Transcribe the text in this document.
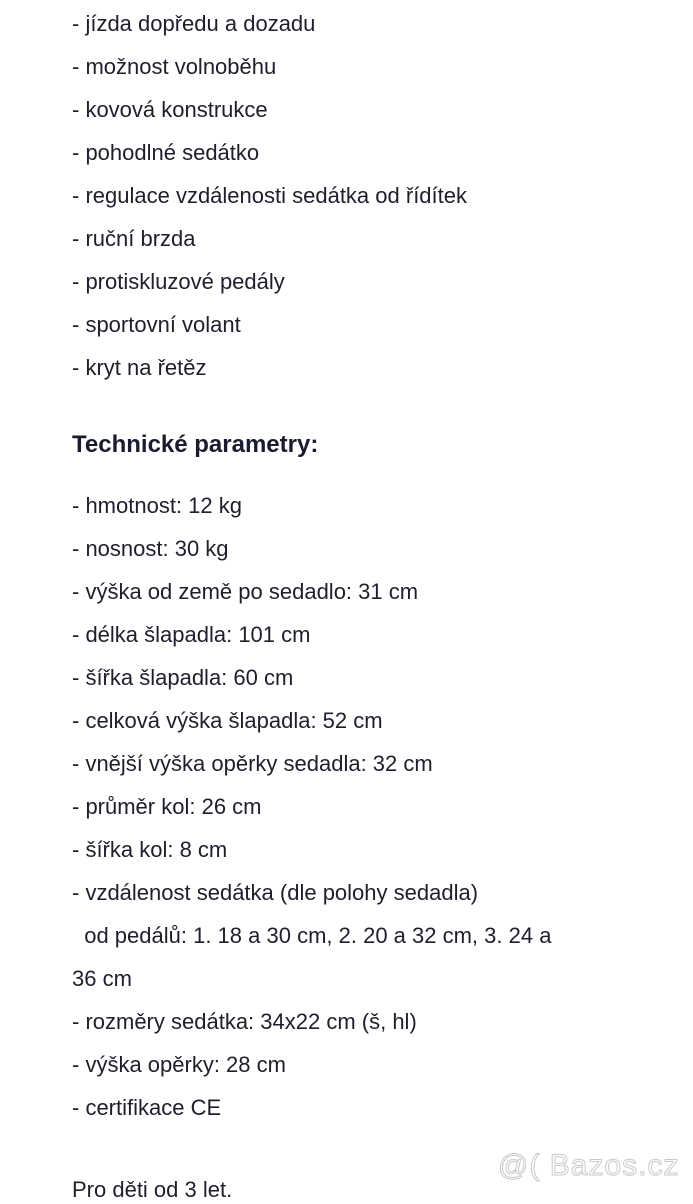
- jízda dopředu a dozadu
- možnost volnoběhu
- kovová konstrukce
- pohodlné sedátko
- regulace vzdálenosti sedátka od řídítek
- ruční brzda
- protiskluzové pedály
- sportovní volant
- kryt na řetěz
Technické parametry:
- hmotnost: 12 kg
- nosnost: 30 kg
- výška od země po sedadlo: 31 cm
- délka šlapadla: 101 cm
- šířka šlapadla: 60 cm
- celková výška šlapadla: 52 cm
- vnější výška opěrky sedadla: 32 cm
- průměr kol: 26 cm
- šířka kol: 8 cm
- vzdálenost sedátka (dle polohy sedadla)
od pedálů: 1. 18 a 30 cm, 2. 20 a 32 cm, 3. 24 a
36 cm
- rozměry sedátka: 34x22 cm (š, hl)
- výška opěrky: 28 cm
- certifikace CE
Pro děti od 3 let.
@( Bazos.cz
